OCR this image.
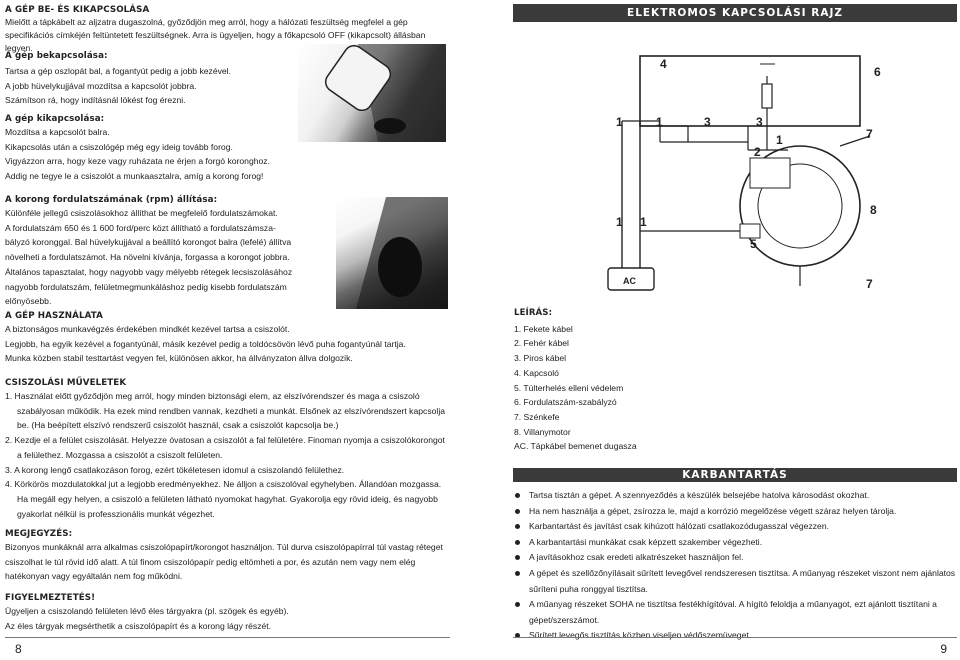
A GÉP BE- ÉS KIKAPCSOLÁSA

Mielőtt a tápkábelt az aljzatra dugaszolná, győződjön meg arról, hogy a hálózati feszültség megfelel a gép specifikációs címkéjén feltüntetett feszültségnek. Arra is ügyeljen, hogy a főkapcsoló OFF (kikapcsolt) állásban legyen.

A gép bekapcsolása:

Tartsa a gép oszlopát bal, a fogantyút pedig a jobb kezével.

A jobb hüvelykujjával mozdítsa a kapcsolót jobbra.

Számítson rá, hogy indításnál lökést fog érezni.

A gép kikapcsolása:

Mozdítsa a kapcsolót balra.

Kikapcsolás után a csiszológép még egy ideig tovább forog.

Vigyázzon arra, hogy keze vagy ruházata ne érjen a forgó koronghoz.

Addig ne tegye le a csiszolót a munkaasztalra, amíg a korong forog!

A korong fordulatszámának (rpm) állítása:

Különféle jellegű csiszolásokhoz állíthat be megfelelő fordulatszámokat.

A fordulatszám 650 és 1 600 ford/perc közt állítható a fordulatszámsza-

bályzó koronggal. Bal hüvelykujjával a beállító korongot balra (lefelé) állítva

növelheti a fordulatszámot. Ha növelni kívánja, forgassa a korongot jobbra.

Általános tapasztalat, hogy nagyobb vagy mélyebb rétegek lecsiszolásához

nagyobb fordulatszám, felületmegmunkáláshoz pedig kisebb fordulatszám

előnyösebb.

A GÉP HASZNÁLATA

A biztonságos munkavégzés érdekében mindkét kezével tartsa a csiszolót.

Legjobb, ha egyik kezével a fogantyúnál, másik kezével pedig a toldócsövön lévő puha fogantyúnál tartja.

Munka közben stabil testtartást vegyen fel, különösen akkor, ha állványzaton állva dolgozik.

CSISZOLÁSI MŰVELETEK

1. Használat előtt győződjön meg arról, hogy minden biztonsági elem, az elszívórendszer és maga a csiszoló szabályosan működik. Ha ezek mind rendben vannak, kezdheti a munkát. Elsőnek az elszívórendszert kapcsolja be. (Ha beépített elszívó rendszerű csiszolót használ, csak a csiszolót kapcsolja be.)
2. Kezdje el a felület csiszolását. Helyezze óvatosan a csiszolót a fal felületére. Finoman nyomja a csiszolókorongot a felülethez. Mozgassa a csiszolót a csiszolt felületen.
3. A korong lengő csatlakozáson forog, ezért tökéletesen idomul a csiszolandó felülethez.
4. Körkörös mozdulatokkal jut a legjobb eredményekhez. Ne álljon a csiszolóval egyhelyben. Állandóan mozgassa. Ha megáll egy helyen, a csiszoló a felületen látható nyomokat hagyhat. Gyakorolja egy rövid ideig, és nagyobb gyakorlat nélkül is professzionális munkát végezhet.

MEGJEGYZÉS:

Bizonyos munkáknál arra alkalmas csiszolópapírt/korongot használjon. Túl durva csiszolópapírral túl vastag réteget csiszolhat le túl rövid idő alatt. A túl finom csiszolópapír pedig eltömheti a por, és azután nem vagy nem elég hatékonyan vagy egyáltalán nem fog működni.

FIGYELMEZTETÉS!

Ügyeljen a csiszolandó felületen lévő éles tárgyakra (pl. szögek és egyéb).

Az éles tárgyak megsérthetik a csiszolópapírt és a korong lágy részét.

8
ELEKTROMOS KAPCSOLÁSI RAJZ
4
6
1	1	3	3
1
2
7
8
1 1
5
7
AC

LEÍRÁS:

1. Fekete kábel

2. Fehér kábel

3. Piros kábel

4. Kapcsoló

5. Túlterhelés elleni védelem

6. Fordulatszám-szabályzó

7. Szénkefe

8. Villanymotor

AC. Tápkábel bemenet dugasza

KARBANTARTÁS
Tartsa tisztán a gépet. A szennyeződés a készülék belsejébe hatolva károsodást okozhat.
Ha nem használja a gépet, zsírozza le, majd a korrózió megelőzése végett száraz helyen tárolja.
Karbantartást és javítást csak kihúzott hálózati csatlakozódugasszal végezzen.
A karbantartási munkákat csak képzett szakember végezheti.
A javításokhoz csak eredeti alkatrészeket használjon fel.
A gépet és szellőzőnyílásait sűrített levegővel rendszeresen tisztítsa. A műanyag részeket viszont nem ajánlatos sűríteni puha ronggyal tisztítsa.
A műanyag részeket SOHA ne tisztítsa festékhígítóval. A hígító feloldja a műanyagot, ezt ajánlott tisztítani a gépet/szerszámot.
Sűrített levegős tisztítás közben viseljen védőszemüveget.
9
